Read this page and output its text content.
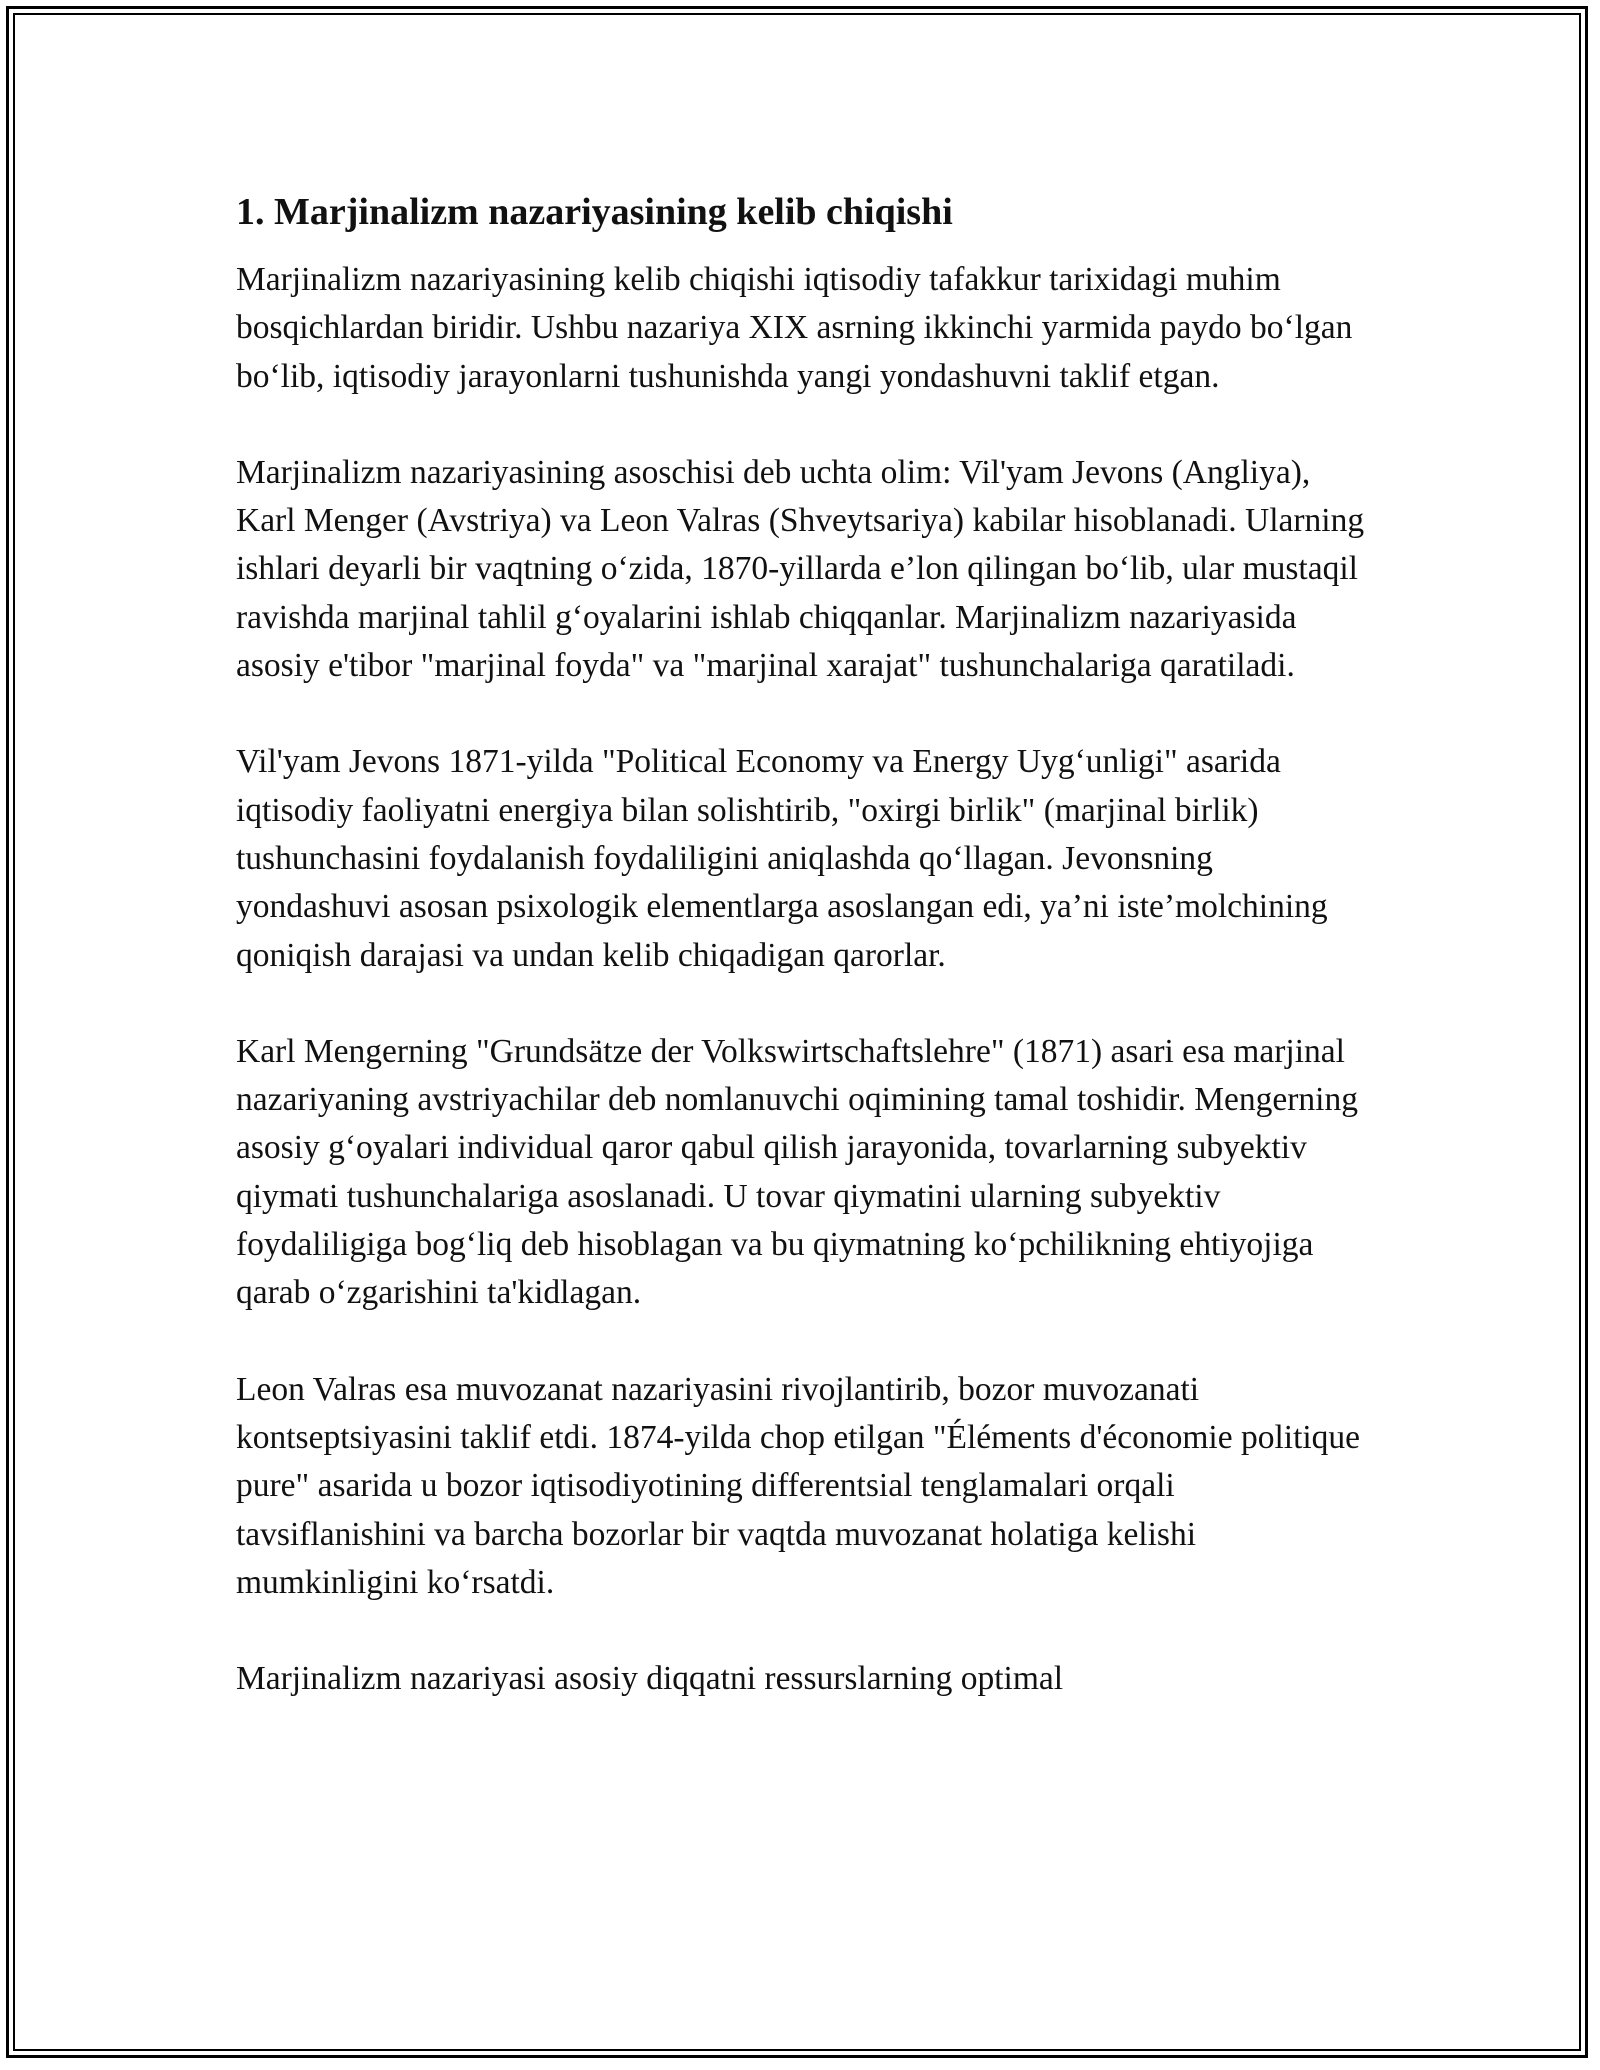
1. Marjinalizm nazariyasining kelib chiqishi

Marjinalizm nazariyasining kelib chiqishi iqtisodiy tafakkur tarixidagi muhim bosqichlardan biridir. Ushbu nazariya XIX asrning ikkinchi yarmida paydo bo‘lgan bo‘lib, iqtisodiy jarayonlarni tushunishda yangi yondashuvni taklif etgan.

Marjinalizm nazariyasining asoschisi deb uchta olim: Vil'yam Jevons (Angliya), Karl Menger (Avstriya) va Leon Valras (Shveytsariya) kabilar hisoblanadi. Ularning ishlari deyarli bir vaqtning o‘zida, 1870-yillarda e’lon qilingan bo‘lib, ular mustaqil ravishda marjinal tahlil g‘oyalarini ishlab chiqqanlar. Marjinalizm nazariyasida asosiy e'tibor "marjinal foyda" va "marjinal xarajat" tushunchalariga qaratiladi.

Vil'yam Jevons 1871-yilda "Political Economy va Energy Uyg‘unligi" asarida iqtisodiy faoliyatni energiya bilan solishtirib, "oxirgi birlik" (marjinal birlik) tushunchasini foydalanish foydaliligini aniqlashda qo‘llagan. Jevonsning yondashuvi asosan psixologik elementlarga asoslangan edi, ya’ni iste’molchining qoniqish darajasi va undan kelib chiqadigan qarorlar.

Karl Mengerning "Grundsätze der Volkswirtschaftslehre" (1871) asari esa marjinal nazariyaning avstriyachilar deb nomlanuvchi oqimining tamal toshidir. Mengerning asosiy g‘oyalari individual qaror qabul qilish jarayonida, tovarlarning subyektiv qiymati tushunchalariga asoslanadi. U tovar qiymatini ularning subyektiv foydaliligiga bog‘liq deb hisoblagan va bu qiymatning ko‘pchilikning ehtiyojiga qarab o‘zgarishini ta'kidlagan.

Leon Valras esa muvozanat nazariyasini rivojlantirib, bozor muvozanati kontseptsiyasini taklif etdi. 1874-yilda chop etilgan "Éléments d'économie politique pure" asarida u bozor iqtisodiyotining differentsial tenglamalari orqali tavsiflanishini va barcha bozorlar bir vaqtda muvozanat holatiga kelishi mumkinligini ko‘rsatdi.

Marjinalizm nazariyasi asosiy diqqatni ressurslarning optimal
